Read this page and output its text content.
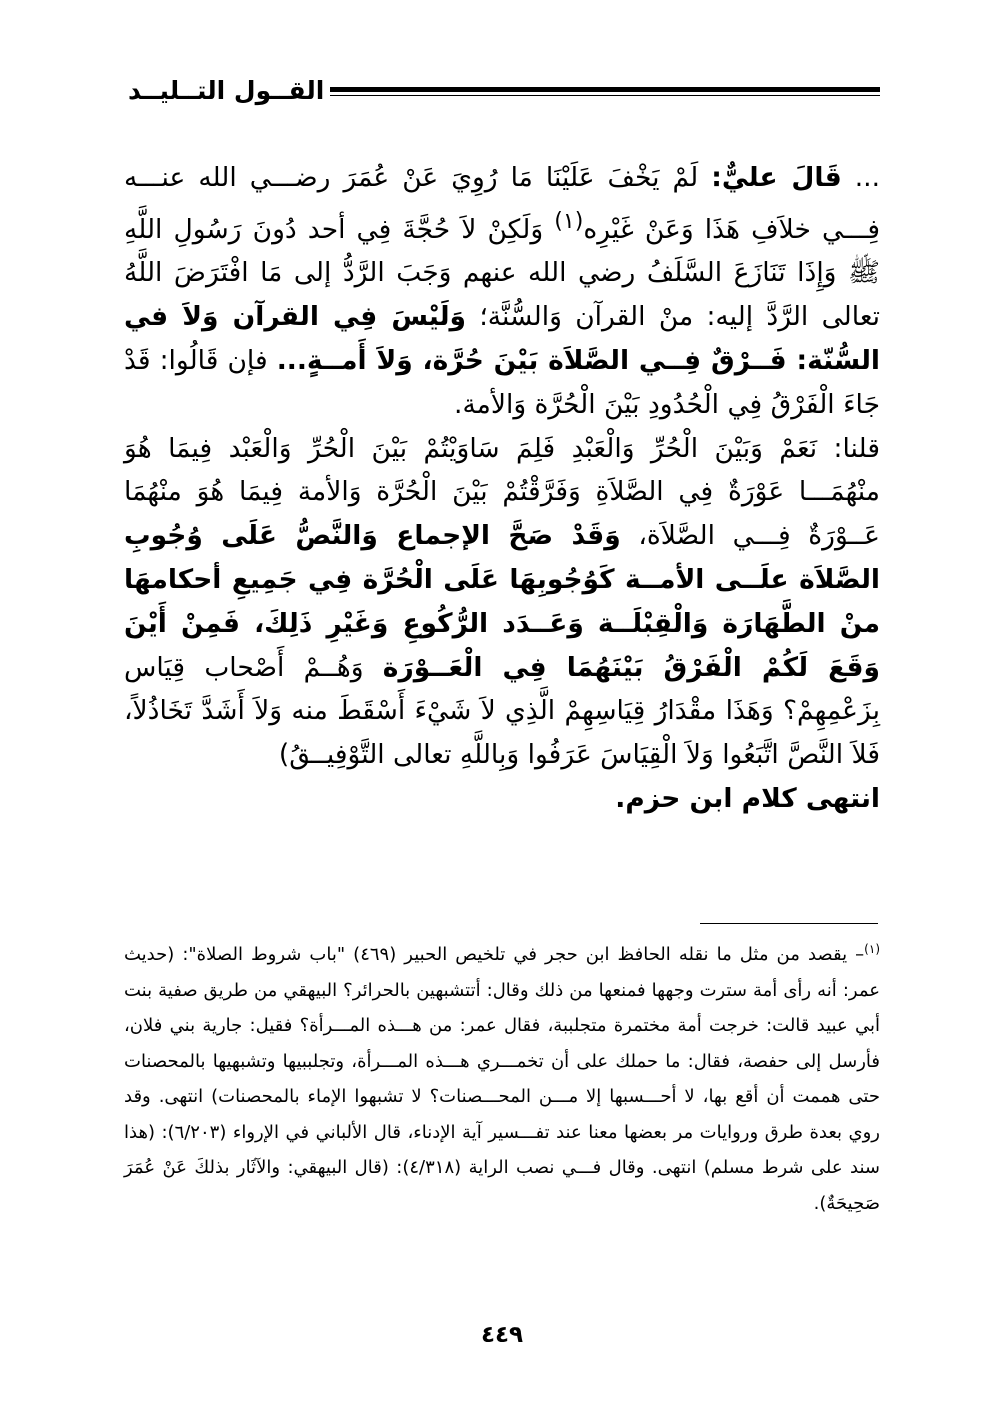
القــول التــليــد

... قَالَ عليٌّ: لَمْ يَخْفَ عَلَيْنَا مَا رُوِيَ عَنْ عُمَرَ رضـــي الله عنـــه فِـــي خلاَفِ هَذَا وَعَنْ غَيْرِه$^{(١)}$ وَلَكِنْ لاَ حُجَّةَ فِي أحد دُونَ رَسُولِ اللَّهِ ﷺ وَإِذَا تَنَازَعَ السَّلَفُ رضي الله عنهم وَجَبَ الرَّدُّ إلى مَا افْتَرَضَ اللَّهُ تعالى الرَّدَّ إليه: منْ القرآن وَالسُّنَّة؛ وَلَيْسَ فِي القرآن وَلاَ في السُّنّة: فَــرْقٌ فِــي الصَّلاَة بَيْنَ حُرَّة، وَلاَ أَمــةٍ... فإن قَالُوا: قَدْ جَاءَ الْفَرْقُ فِي الْحُدُودِ بَيْنَ الْحُرَّة وَالأمة.

قلنا: نَعَمْ وَبَيْنَ الْحُرِّ وَالْعَبْدِ فَلِمَ سَاوَيْتُمْ بَيْنَ الْحُرِّ وَالْعَبْد فِيمَا هُوَ منْهُمَـــا عَوْرَةٌ فِي الصَّلاَةِ وَفَرَّقْتُمْ بَيْنَ الْحُرَّة وَالأمة فِيمَا هُوَ منْهُمَا عَــوْرَةٌ فِـــي الصَّلاَة، وَقَدْ صَحَّ الإجماع وَالنَّصُّ عَلَى وُجُوبِ الصَّلاَة علَــى الأمــة كَوُجُوبِهَا عَلَى الْحُرَّة فِي جَمِيعِ أحكامهَا منْ الطَّهَارَة وَالْقِبْلَــة وَعَــدَد الرُّكُوعِ وَغَيْرِ ذَلِكَ، فَمِنْ أَيْنَ وَقَعَ لَكُمْ الْفَرْقُ بَيْنَهُمَا فِي الْعَــوْرَة وَهُــمْ أَصْحاب قِيَاس بِزَعْمِهِمْ؟ وَهَذَا مقْدَارُ قِيَاسِهِمْ الَّذِي لاَ شَيْءَ أَسْقَطَ منه وَلاَ أَشَدَّ تَخَاذُلاً، فَلاَ النَّصَّ اتَّبَعُوا وَلاَ الْقِيَاسَ عَرَفُوا وَبِاللَّهِ تعالى التَّوْفِيــقُ)

انتهى كلام ابن حزم.

$^{(١)}$– يقصد من مثل ما نقله الحافظ ابن حجر في تلخيص الحبير (٤٦٩) "باب شروط الصلاة": (حديث عمر: أنه رأى أمة سترت وجهها فمنعها من ذلك وقال: أتتشبهين بالحرائر؟ البيهقي من طريق صفية بنت أبي عبيد قالت: خرجت أمة مختمرة متجلببة، فقال عمر: من هـــذه المـــرأة؟ فقيل: جارية بني فلان، فأرسل إلى حفصة، فقال: ما حملك على أن تخمـــري هـــذه المـــرأة، وتجلببيها وتشبهيها بالمحصنات حتى هممت أن أقع بها، لا أحـــسبها إلا مـــن المحـــصنات؟ لا تشبهوا الإماء بالمحصنات) انتهى. وقد روي بعدة طرق وروايات مر بعضها معنا عند تفـــسير آية الإدناء، قال الألباني في الإرواء (٦/٢٠٣): (هذا سند على شرط مسلم) انتهى. وقال فـــي نصب الراية (٤/٣١٨): (قال البيهقي: والآثَار بذلكَ عَنْ عُمَرَ صَحِيحَةٌ).
٤٤٩
